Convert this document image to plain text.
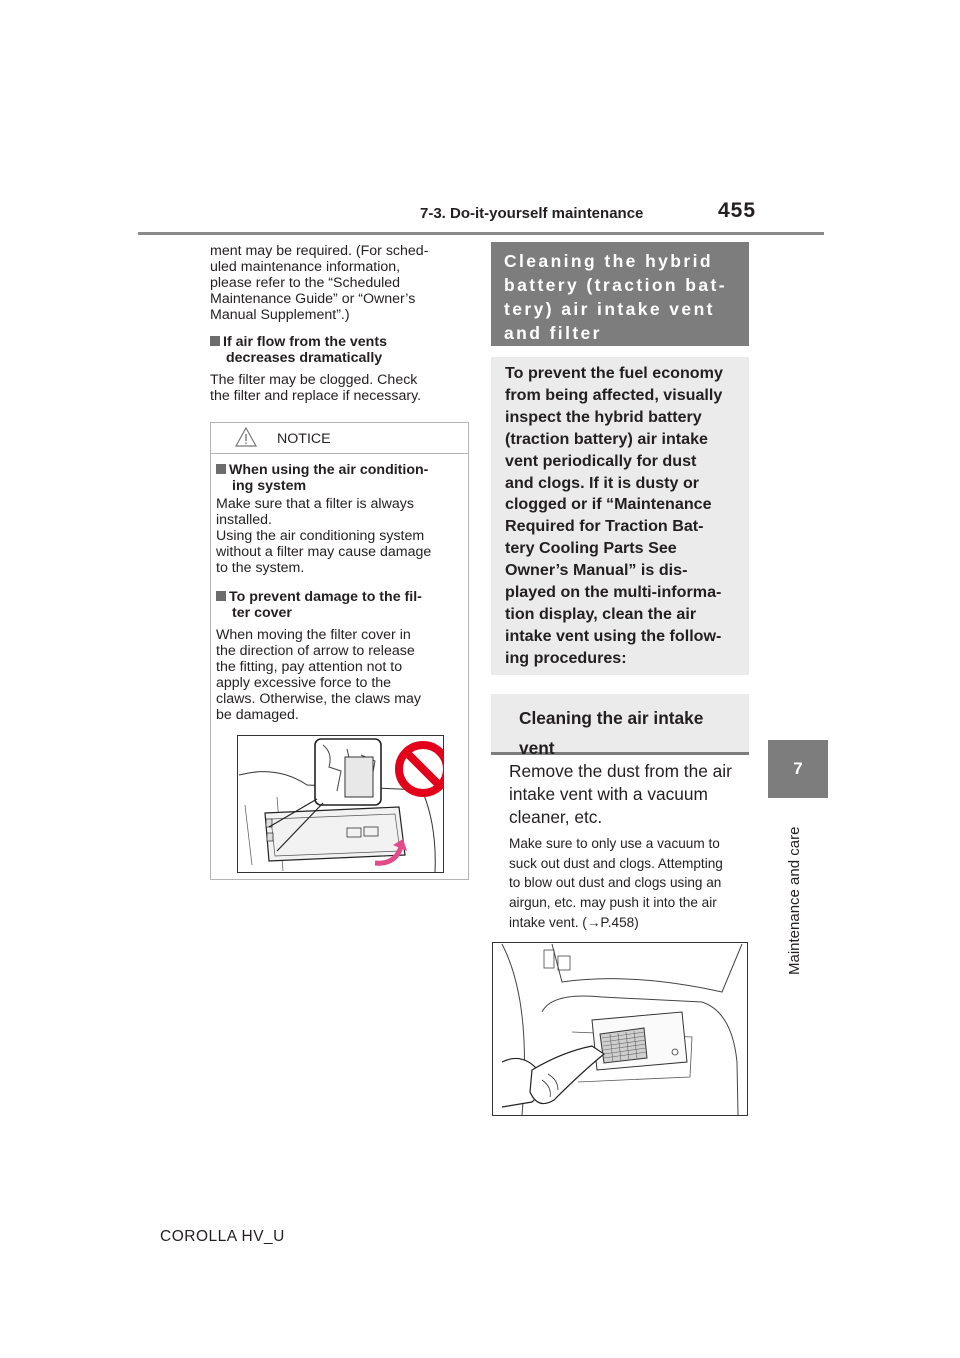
7-3. Do-it-yourself maintenance	455
7
Maintenance and care
ment may be required. (For sched-
uled maintenance information,
please refer to the “Scheduled
Maintenance Guide” or “Owner’s
Manual Supplement”.)
If air flow from the vents
decreases dramatically
The filter may be clogged. Check
the filter and replace if necessary.
NOTICE
When using the air condition-
ing system
Make sure that a filter is always
installed.
Using the air conditioning system
without a filter may cause damage
to the system.
To prevent damage to the fil-
ter cover
When moving the filter cover in
the direction of arrow to release
the fitting, pay attention not to
apply excessive force to the
claws. Otherwise, the claws may
be damaged.
Cleaning the hybrid
battery (traction bat-
tery) air intake vent
and filter

To prevent the fuel economy
from being affected, visually
inspect the hybrid battery
(traction battery) air intake
vent periodically for dust
and clogs. If it is dusty or
clogged or if “Maintenance
Required for Traction Bat-
tery Cooling Parts See
Owner’s Manual” is dis-
played on the multi-informa-
tion display, clean the air
intake vent using the follow-
ing procedures:

Cleaning the air intake
vent
Remove the dust from the air
intake vent with a vacuum
cleaner, etc.
Make sure to only use a vacuum to
suck out dust and clogs. Attempting
to blow out dust and clogs using an
airgun, etc. may push it into the air
intake vent. (→P.458)
COROLLA HV_U
